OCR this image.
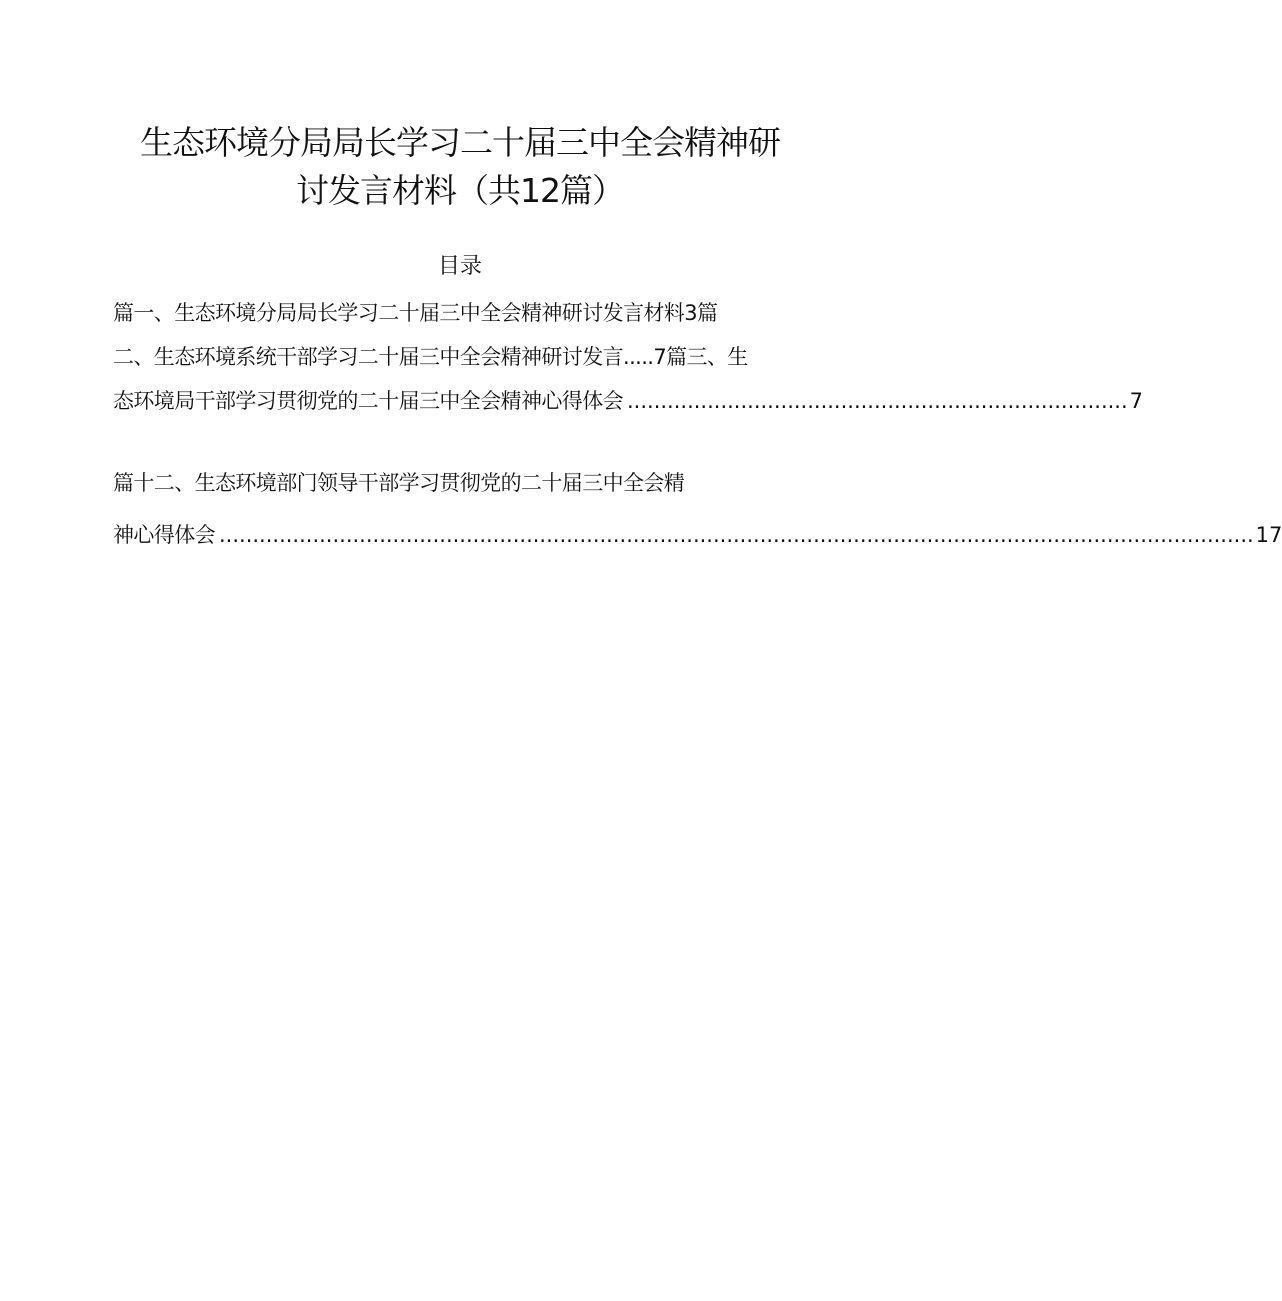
生态环境分局局长学习二十届三中全会精神研
讨发言材料（共12篇）
目录
篇一、生态环境分局局长学习二十届三中全会精神研讨发言材料3篇
二、生态环境系统干部学习二十届三中全会精神研讨发言.....7篇三、生
态环境局干部学习贯彻党的二十届三中全会精神心得体会 ........................................................................... 7
篇十二、生态环境部门领导干部学习贯彻党的二十届三中全会精
神心得体会 ........................................................................................................................................................... 17
